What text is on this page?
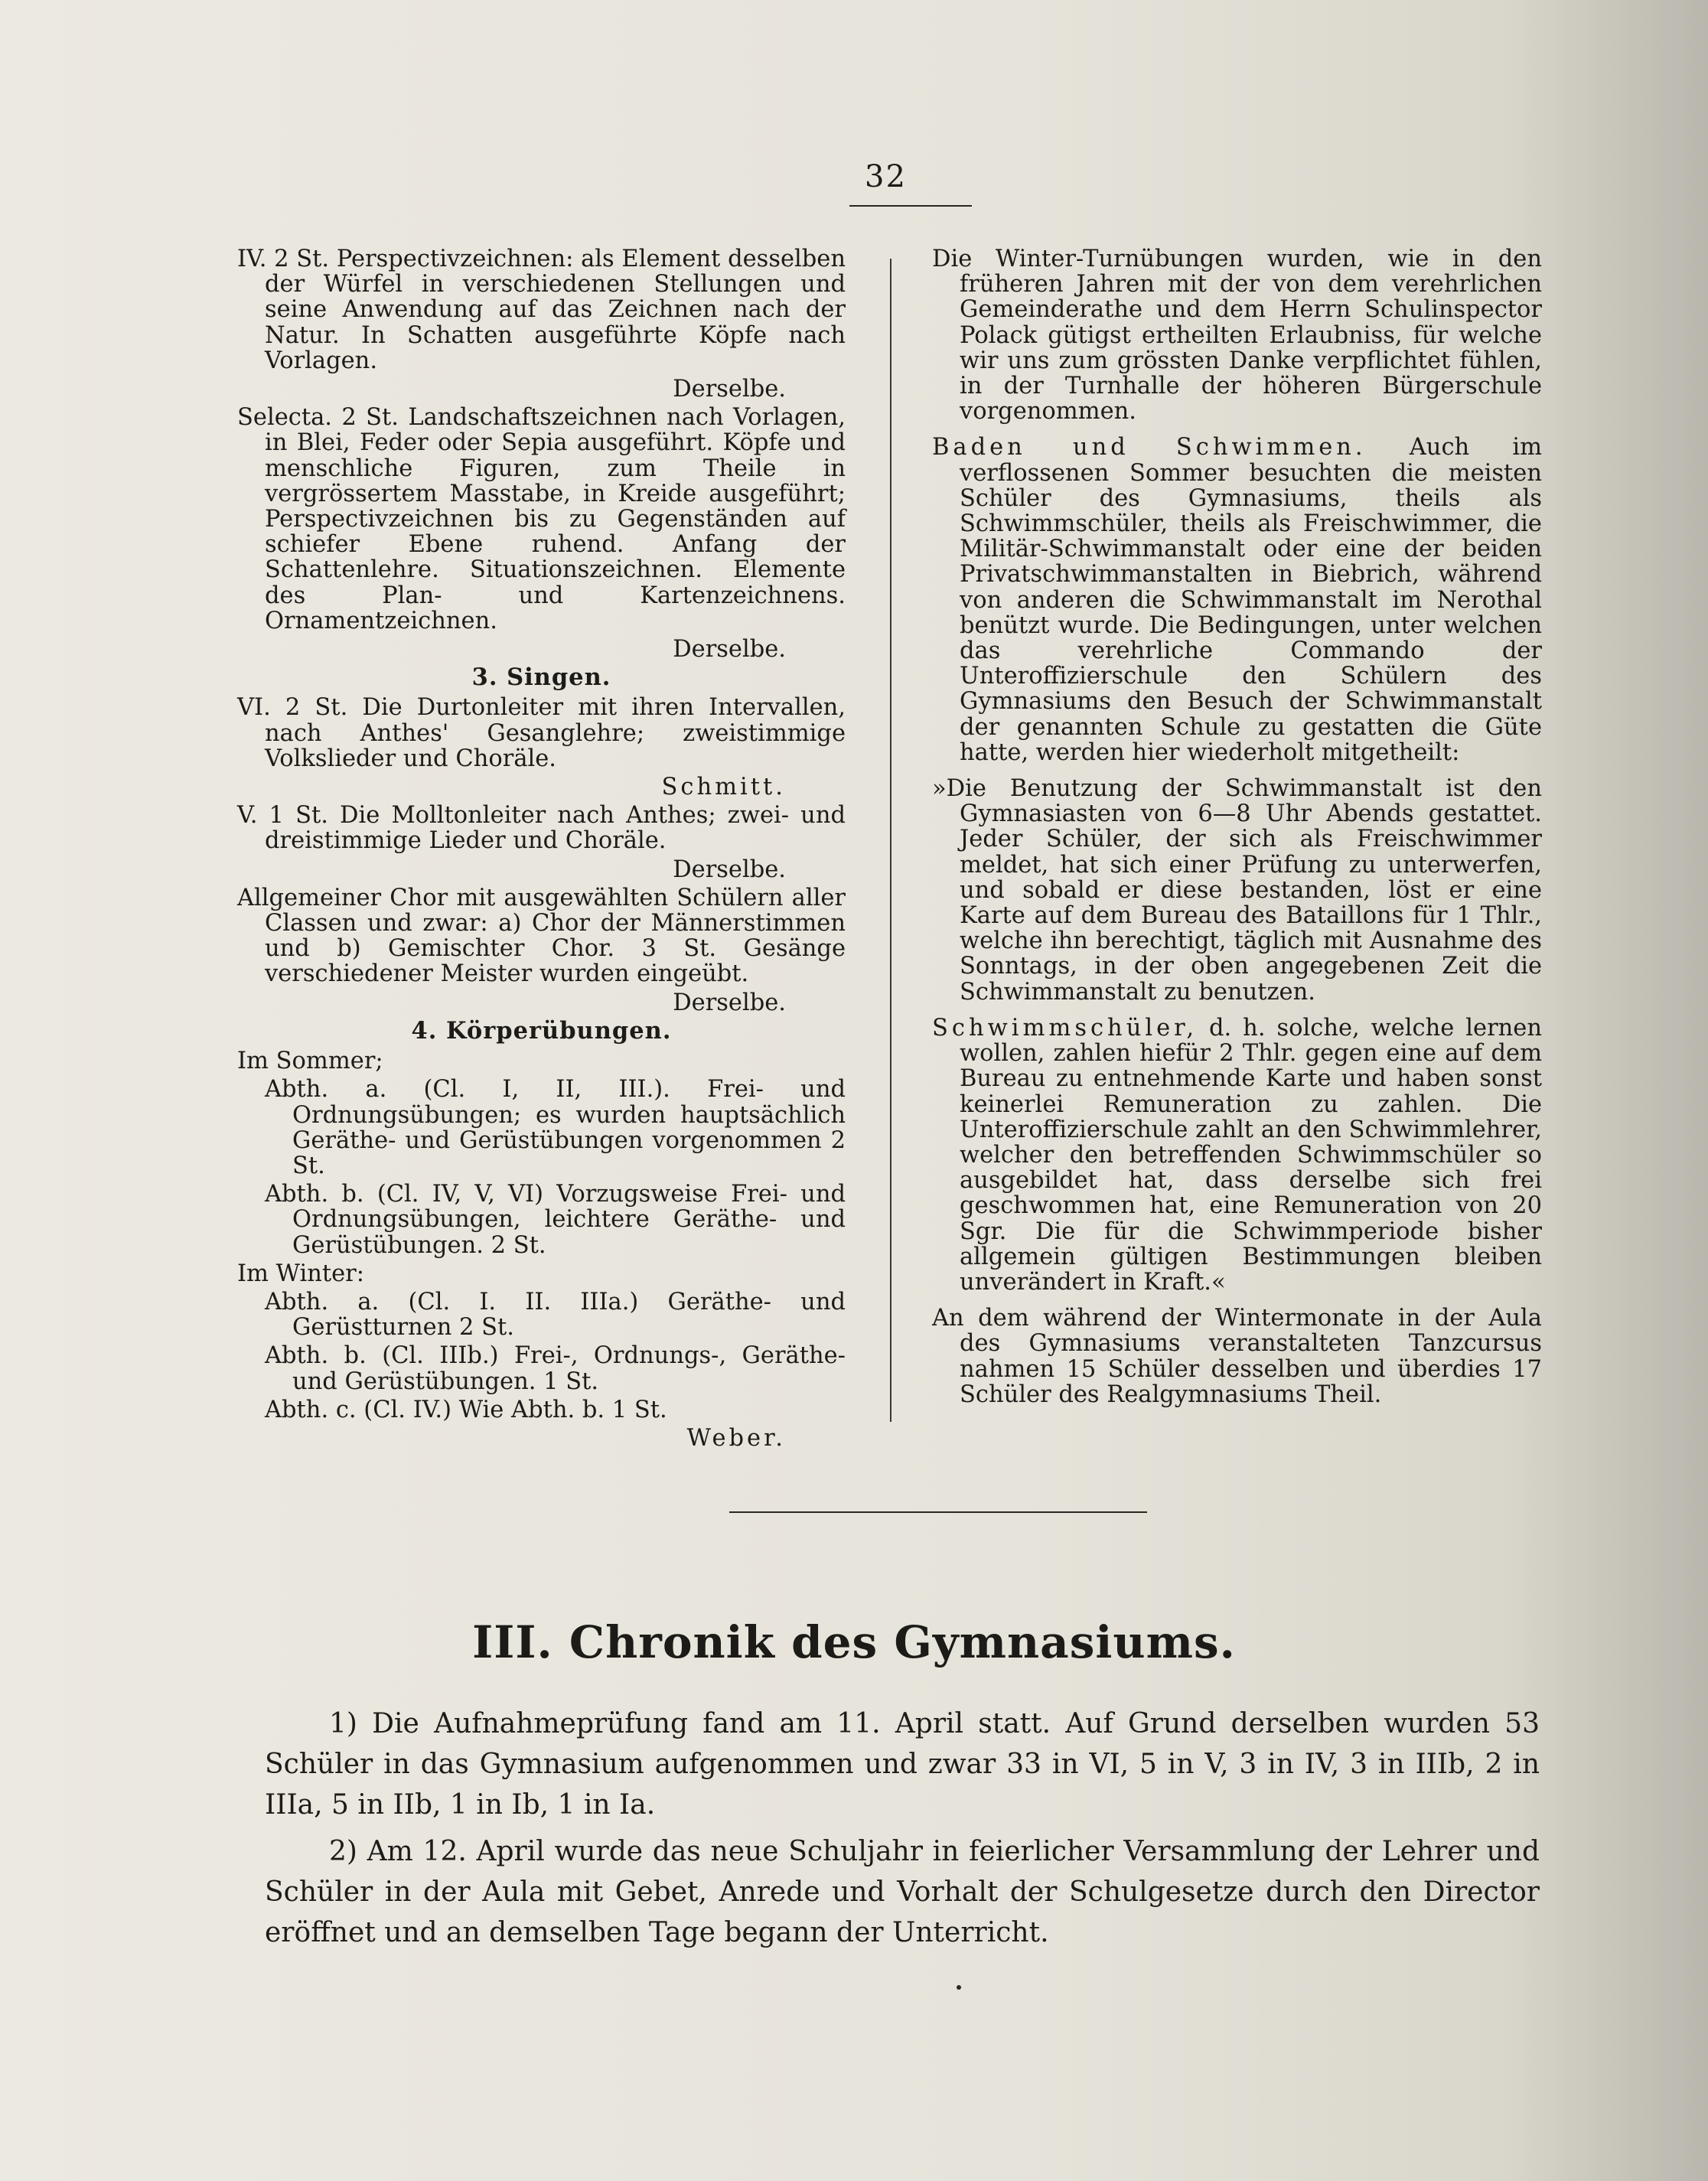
32

IV. 2 St. Perspectivzeichnen: als Element desselben der Würfel in verschiedenen Stellungen und seine Anwendung auf das Zeichnen nach der Natur. In Schatten ausgeführte Köpfe nach Vorlagen.

Derselbe.

Selecta. 2 St. Landschaftszeichnen nach Vorlagen, in Blei, Feder oder Sepia ausgeführt. Köpfe und menschliche Figuren, zum Theile in vergrössertem Masstabe, in Kreide ausgeführt; Perspectivzeichnen bis zu Gegenständen auf schiefer Ebene ruhend. Anfang der Schattenlehre. Situationszeichnen. Elemente des Plan- und Kartenzeichnens. Ornamentzeichnen.

Derselbe.

3. Singen.

VI. 2 St. Die Durtonleiter mit ihren Intervallen, nach Anthes' Gesanglehre; zweistimmige Volkslieder und Choräle.

Schmitt.

V. 1 St. Die Molltonleiter nach Anthes; zwei- und dreistimmige Lieder und Choräle.

Derselbe.

Allgemeiner Chor mit ausgewählten Schülern aller Classen und zwar: a) Chor der Männerstimmen und b) Gemischter Chor. 3 St. Gesänge verschiedener Meister wurden eingeübt.

Derselbe.

4. Körperübungen.

Im Sommer;

Abth. a. (Cl. I, II, III.). Frei- und Ordnungsübungen; es wurden hauptsächlich Geräthe- und Gerüstübungen vorgenommen 2 St.

Abth. b. (Cl. IV, V, VI) Vorzugsweise Frei- und Ordnungsübungen, leichtere Geräthe- und Gerüstübungen. 2 St.

Im Winter:

Abth. a. (Cl. I. II. IIIa.) Geräthe- und Gerüstturnen 2 St.

Abth. b. (Cl. IIIb.) Frei-, Ordnungs-, Geräthe- und Gerüstübungen. 1 St.

Abth. c. (Cl. IV.) Wie Abth. b. 1 St.

Weber.

Die Winter-Turnübungen wurden, wie in den früheren Jahren mit der von dem verehrlichen Gemeinderathe und dem Herrn Schulinspector Polack gütigst ertheilten Erlaubniss, für welche wir uns zum grössten Danke verpflichtet fühlen, in der Turnhalle der höheren Bürgerschule vorgenommen.

Baden und Schwimmen. Auch im verflossenen Sommer besuchten die meisten Schüler des Gymnasiums, theils als Schwimmschüler, theils als Freischwimmer, die Militär-Schwimmanstalt oder eine der beiden Privatschwimmanstalten in Biebrich, während von anderen die Schwimmanstalt im Nerothal benützt wurde. Die Bedingungen, unter welchen das verehrliche Commando der Unteroffizierschule den Schülern des Gymnasiums den Besuch der Schwimmanstalt der genannten Schule zu gestatten die Güte hatte, werden hier wiederholt mitgetheilt:

»Die Benutzung der Schwimmanstalt ist den Gymnasiasten von 6—8 Uhr Abends gestattet. Jeder Schüler, der sich als Freischwimmer meldet, hat sich einer Prüfung zu unterwerfen, und sobald er diese bestanden, löst er eine Karte auf dem Bureau des Bataillons für 1 Thlr., welche ihn berechtigt, täglich mit Ausnahme des Sonntags, in der oben angegebenen Zeit die Schwimmanstalt zu benutzen.

Schwimmschüler, d. h. solche, welche lernen wollen, zahlen hiefür 2 Thlr. gegen eine auf dem Bureau zu entnehmende Karte und haben sonst keinerlei Remuneration zu zahlen. Die Unteroffizierschule zahlt an den Schwimmlehrer, welcher den betreffenden Schwimmschüler so ausgebildet hat, dass derselbe sich frei geschwommen hat, eine Remuneration von 20 Sgr. Die für die Schwimmperiode bisher allgemein gültigen Bestimmungen bleiben unverändert in Kraft.«

An dem während der Wintermonate in der Aula des Gymnasiums veranstalteten Tanzcursus nahmen 15 Schüler desselben und überdies 17 Schüler des Realgymnasiums Theil.

III. Chronik des Gymnasiums.

1) Die Aufnahmeprüfung fand am 11. April statt. Auf Grund derselben wurden 53 Schüler in das Gymnasium aufgenommen und zwar 33 in VI, 5 in V, 3 in IV, 3 in IIIb, 2 in IIIa, 5 in IIb, 1 in Ib, 1 in Ia.

2) Am 12. April wurde das neue Schuljahr in feierlicher Versammlung der Lehrer und Schüler in der Aula mit Gebet, Anrede und Vorhalt der Schulgesetze durch den Director eröffnet und an demselben Tage begann der Unterricht.
